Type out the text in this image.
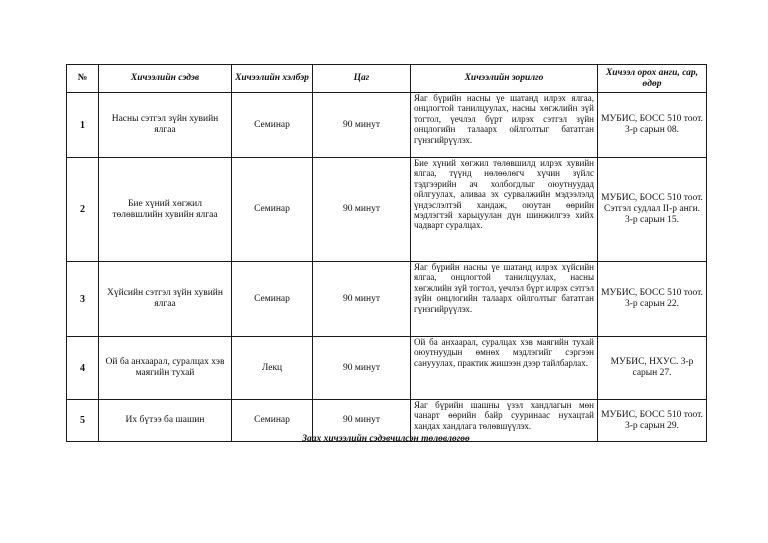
№	Хичээлийн сэдэв	Хичээлийн хэлбэр	Цаг	Хичээлийн зорилго	Хичээл орох анги, сар, өдөр
1	Насны сэтгэл зүйн хувийн ялгаа	Семинар	90 минут	Яаг бүрийн насны үе шатанд илрэх ялгаа, онцлогтой танилцуулах, насны хөгжлийн зүй тогтол, үечлэл бүрт илрэх сэтгэл зүйн онцлогийн талаарх ойлголтыг бататган гүнзгийрүүлэх.	МУБИС, БОСС 510 тоот. 3-р сарын 08.
2	Бие хүний хөгжил төлөвшлийн хувийн ялгаа	Семинар	90 минут	Бие хүний хөгжил төлөвшилд илрэх хувийн ялгаа, түүнд нөлөөлөгч хүчин зүйлс тэдгээрийн ач холбогдлыг оюутнуудад ойлгуулах, аливаа эх сурвалжийн мэдээлэлд үндэслэлтэй хандаж, оюутан өөрийн мэдлэгтэй харьцуулан дүн шинжилгээ хийх чадварт суралцах.	МУБИС, БОСС 510 тоот. Сэтгэл судлал II-р анги. 3-р сарын 15.
3	Хүйсийн сэтгэл зүйн хувийн ялгаа	Семинар	90 минут	Яаг бүрийн насны үе шатанд илрэх хүйсийн ялгаа, онцлогтой танилцуулах, насны хөгжлийн зүй тогтол, үечлэл бүрт илрэх сэтгэл зүйн онцлогийн талаарх ойлголтыг бататган гүнзгийрүүлэх.	МУБИС, БОСС 510 тоот. 3-р сарын 22.
4	Ой ба анхаарал, суралцах хэв маягийн тухай	Лекц	90 минут	Ой ба анхаарал, суралцах хэв маягийн тухай оюутнуудын өмнөх мэдлэгийг сэргээн санууулах, практик жишээн дээр тайлбарлах.	МУБИС, НХУС. 3-р сарын 27.
5	Их бүтээ ба шашин	Семинар	90 минут	Яаг бүрийн шашны үзэл хандлагын мөн чанарт өөрийн байр сууринаас нухацтай хандах хандлага төлөвшүүлэх.	МУБИС, БОСС 510 тоот. 3-р сарын 29.
Заах хичээлийн сэдэвчилсэн төлөвлөгөө
